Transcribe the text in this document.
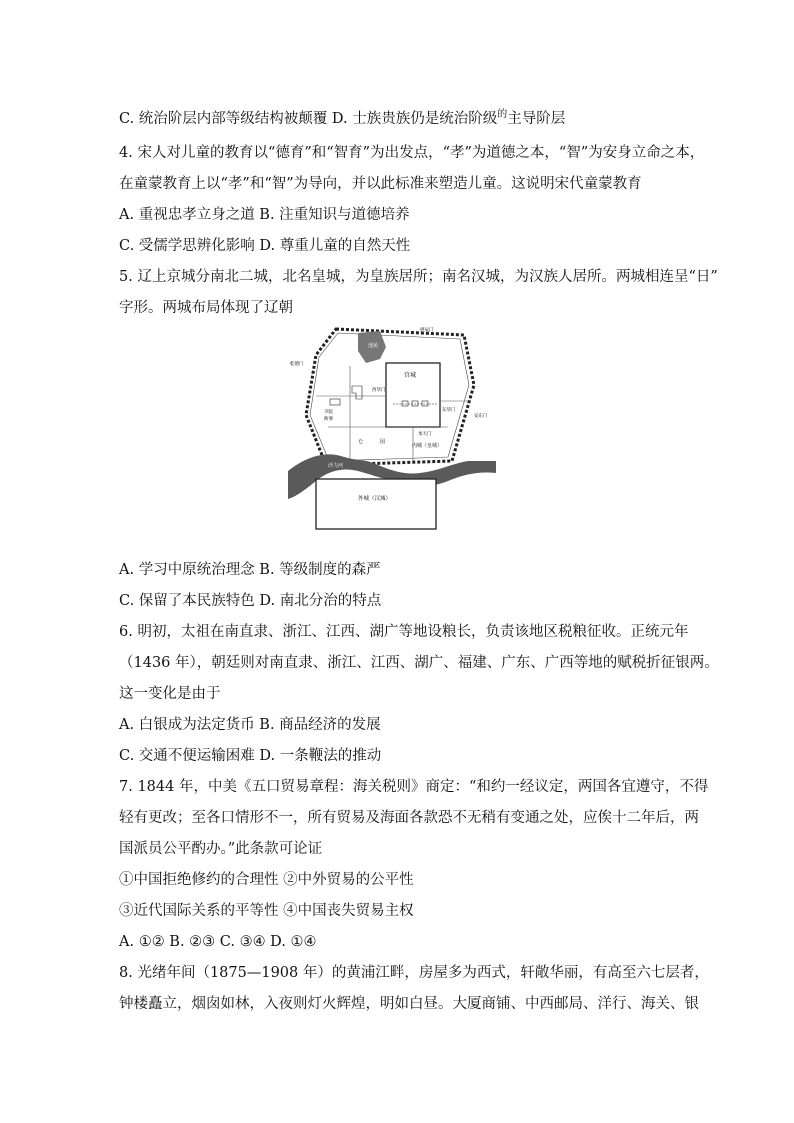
C. 统治阶层内部等级结构被颠覆 D. 士族贵族仍是统治阶级$^的$主导阶层
4. 宋人对儿童的教育以“德育”和“智育”为出发点，“孝”为道德之本，“智”为安身立命之本，
在童蒙教育上以“孝”和“智”为导向，并以此标准来塑造儿童。这说明宋代童蒙教育
A. 重视忠孝立身之道 B. 注重知识与道德培养
C. 受儒学思辨化影响 D. 尊重儿童的自然天性
5. 辽上京城分南北二城，北名皇城，为皇族居所；南名汉城，为汉族人居所。两城相连呈“日”
字形。两城布局体现了辽朝
池苑
宫城
寺院
衙署
拱辰门
乾德门
西华门
东华门
安东门
承天门
内城（皇城）
仑	园
沙力河
外城（汉城）
A. 学习中原统治理念 B. 等级制度的森严
C. 保留了本民族特色 D. 南北分治的特点
6. 明初，太祖在南直隶、浙江、江西、湖广等地设粮长，负责该地区税粮征收。正统元年
（1436 年），朝廷则对南直隶、浙江、江西、湖广、福建、广东、广西等地的赋税折征银两。
这一变化是由于
A. 白银成为法定货币 B. 商品经济的发展
C. 交通不便运输困难 D. 一条鞭法的推动
7. 1844 年，中美《五口贸易章程：海关税则》商定：“和约一经议定，两国各宜遵守，不得
轻有更改；至各口情形不一，所有贸易及海面各款恐不无稍有变通之处，应俟十二年后，两
国派员公平酌办。”此条款可论证
①中国拒绝修约的合理性 ②中外贸易的公平性
③近代国际关系的平等性 ④中国丧失贸易主权
A. ①② B. ②③ C. ③④ D. ①④
8. 光绪年间（1875—1908 年）的黄浦江畔，房屋多为西式，轩敞华丽，有高至六七层者，
钟楼矗立，烟囱如林，入夜则灯火辉煌，明如白昼。大厦商铺、中西邮局、洋行、海关、银
